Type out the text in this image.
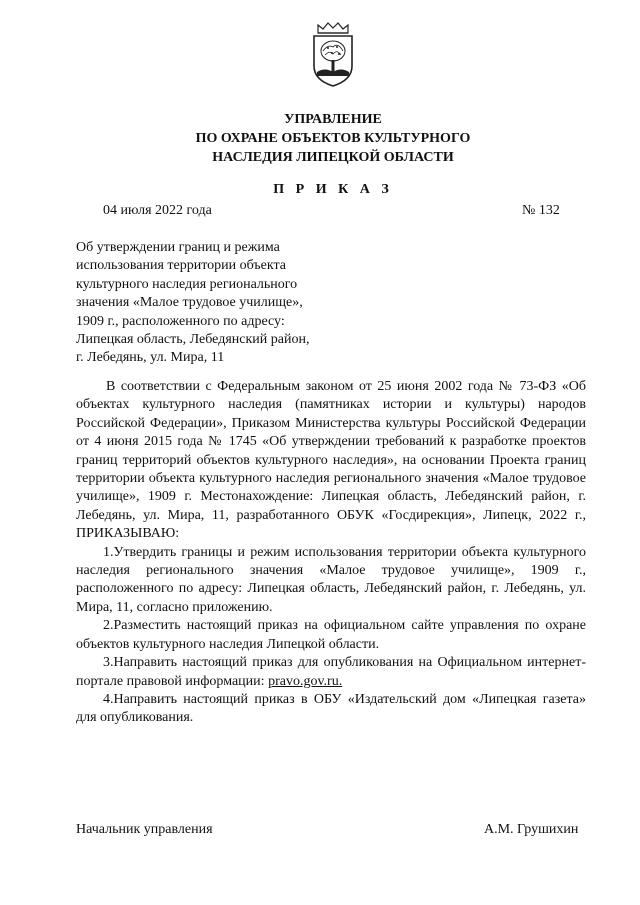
УПРАВЛЕНИЕ
ПО ОХРАНЕ ОБЪЕКТОВ КУЛЬТУРНОГО
НАСЛЕДИЯ ЛИПЕЦКОЙ ОБЛАСТИ
П Р И К А З
04 июля 2022 года	№ 132
Об утверждении границ и режима
использования территории объекта
культурного наследия регионального
значения «Малое трудовое училище»,
1909 г., расположенного по адресу:
Липецкая область, Лебедянский район,
г. Лебедянь, ул. Мира, 11

В соответствии с Федеральным законом от 25 июня 2002 года № 73-ФЗ «Об объектах культурного наследия (памятниках истории и культуры) народов Российской Федерации», Приказом Министерства культуры Российской Федерации от 4 июня 2015 года № 1745 «Об утверждении требований к разработке проектов границ территорий объектов культурного наследия», на основании Проекта границ территории объекта культурного наследия регионального значения «Малое трудовое училище», 1909 г. Местонахождение: Липецкая область, Лебедянский район, г. Лебедянь, ул. Мира, 11, разработанного ОБУК «Госдирекция», Липецк, 2022 г., ПРИКАЗЫВАЮ:

1.Утвердить границы и режим использования территории объекта культурного наследия регионального значения «Малое трудовое училище», 1909 г., расположенного по адресу: Липецкая область, Лебедянский район, г. Лебедянь, ул. Мира, 11, согласно приложению.

2.Разместить настоящий приказ на официальном сайте управления по охране объектов культурного наследия Липецкой области.

3.Направить настоящий приказ для опубликования на Официальном интернет-портале правовой информации: pravo.gov.ru.

4.Направить настоящий приказ в ОБУ «Издательский дом «Липецкая газета» для опубликования.

Начальник управления	А.М. Грушихин
